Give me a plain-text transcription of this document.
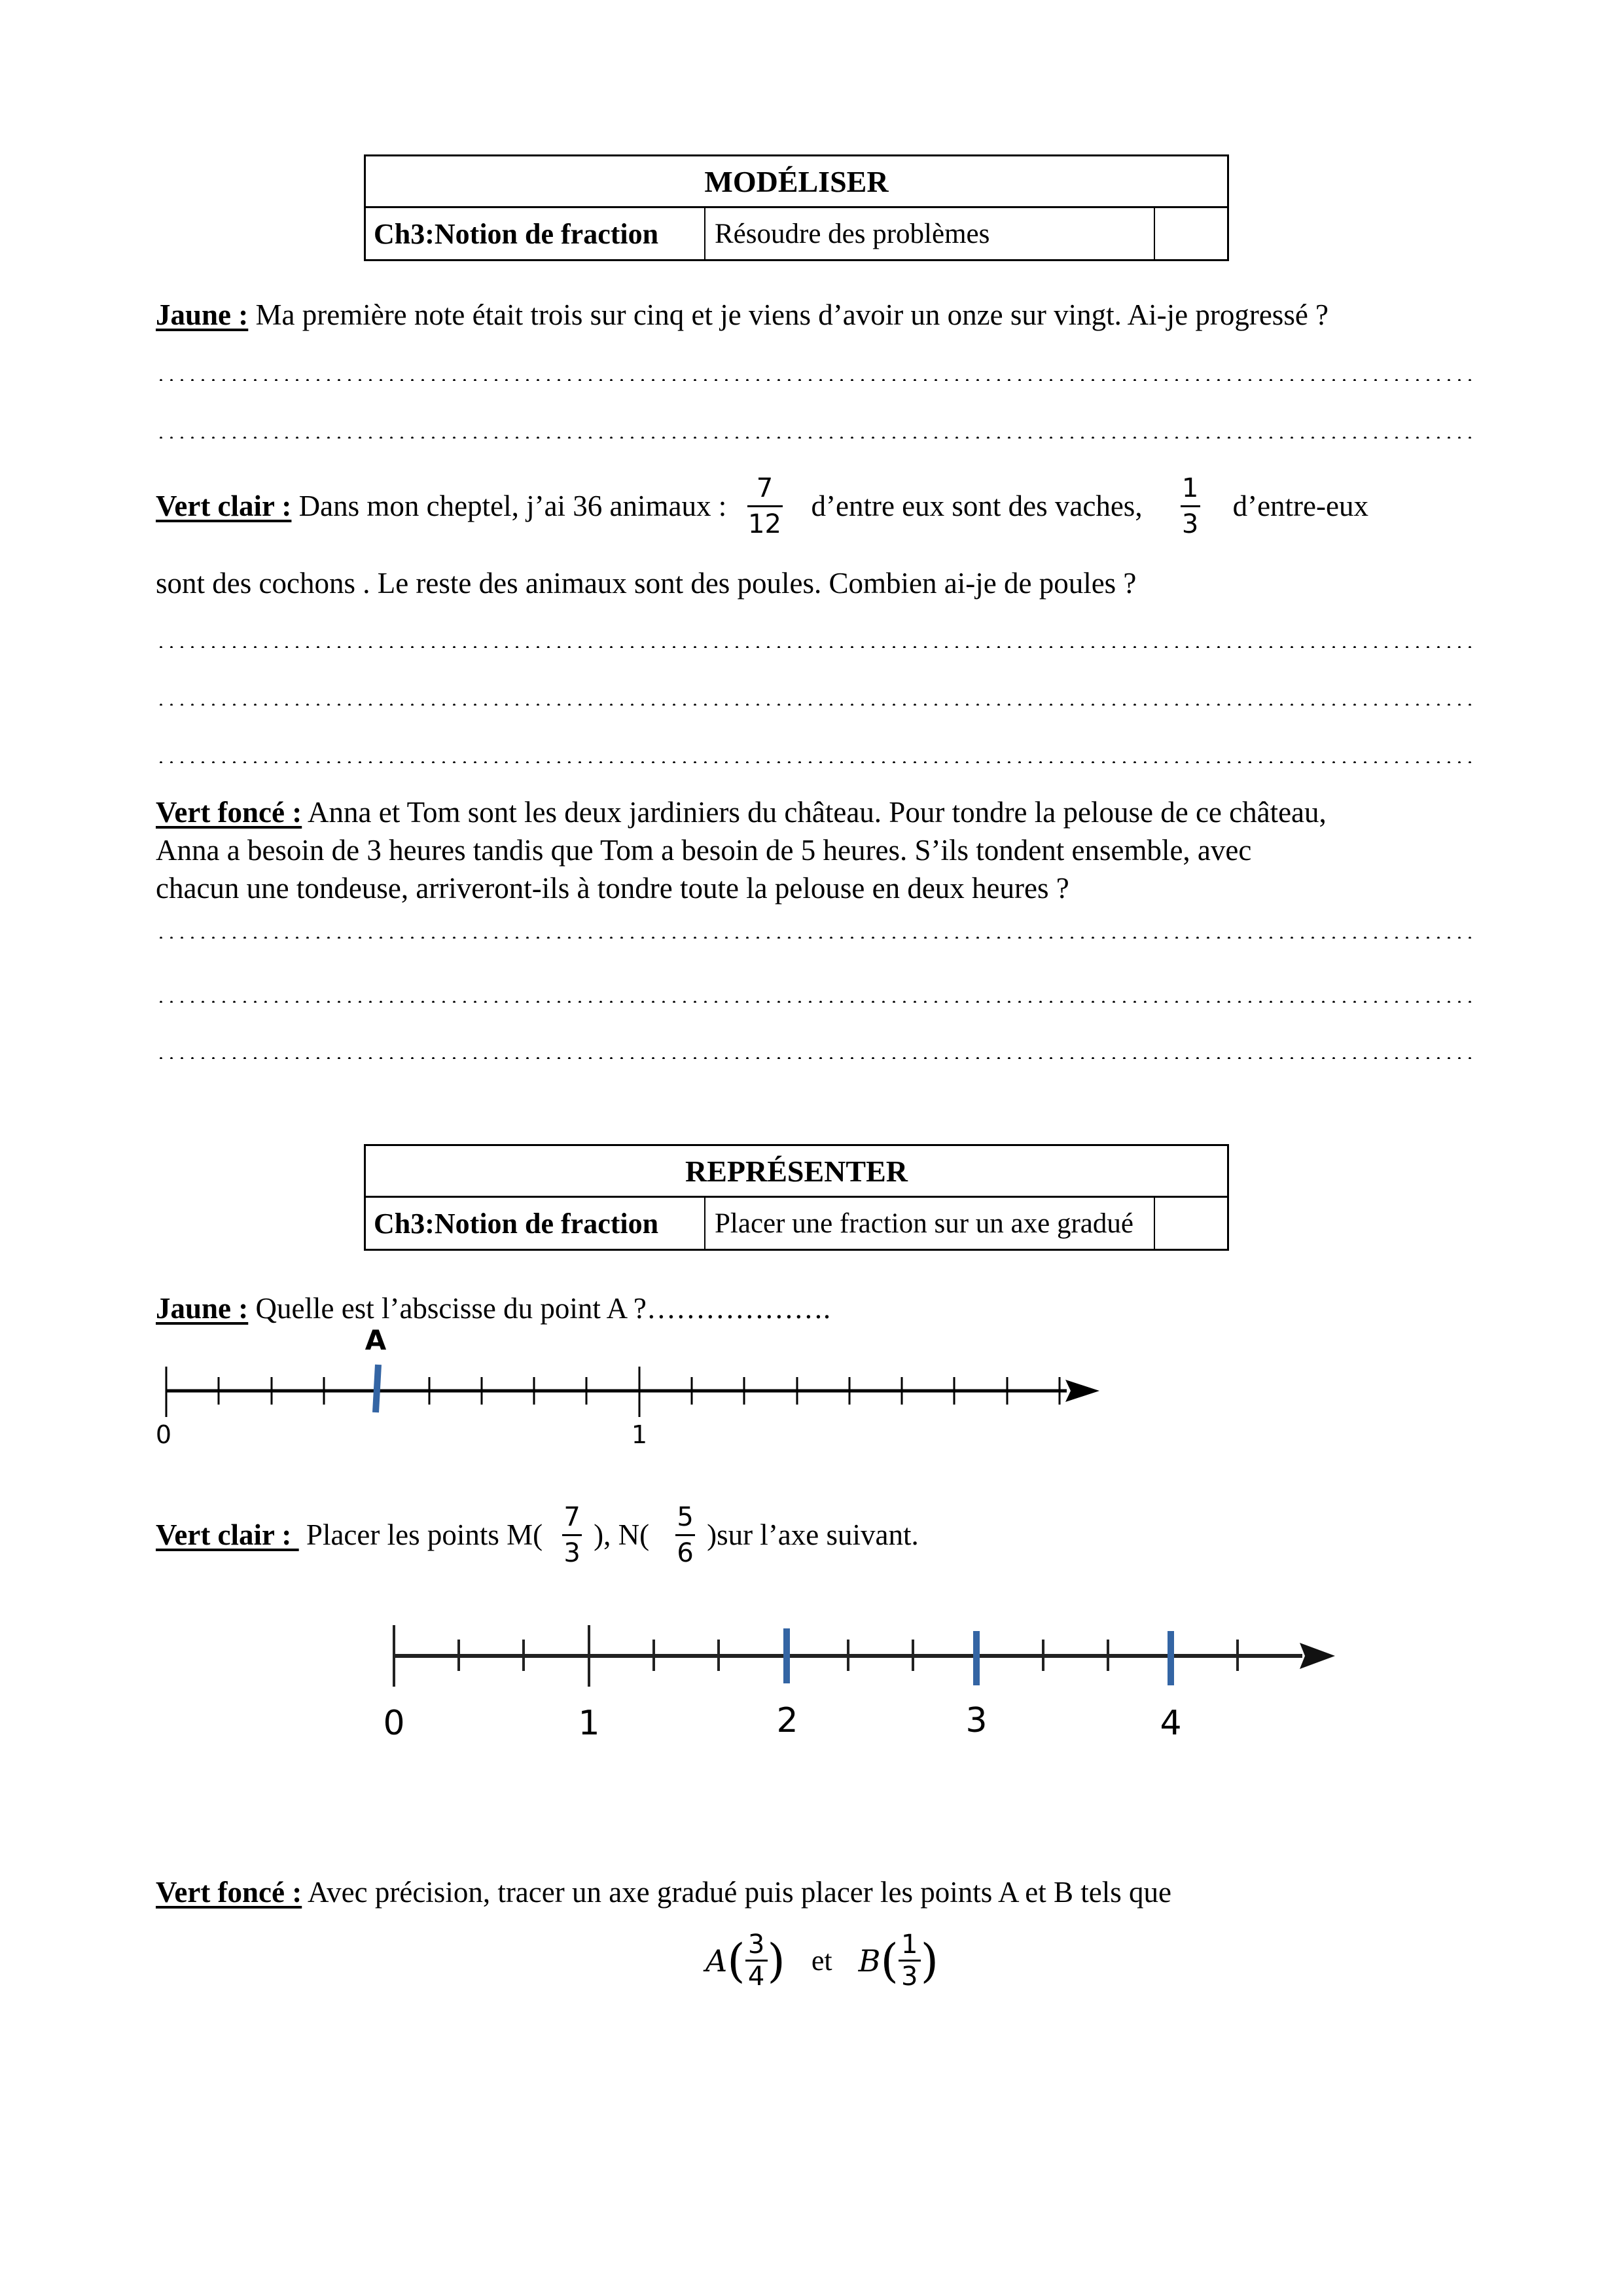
MODÉLISER
Ch3:Notion de fraction	Résoudre des problèmes
Jaune : Ma première note était trois sur cinq et je viens d’avoir un onze sur vingt. Ai-je progressé ?
Vert clair : Dans mon cheptel, j’ai 36 animaux : $\frac{7}{12}$ d’entre eux sont des vaches, $\frac{1}{3}$ d’entre-eux
sont des cochons . Le reste des animaux sont des poules. Combien ai-je de poules ?
Vert foncé : Anna et Tom sont les deux jardiniers du château. Pour tondre la pelouse de ce château,
Anna a besoin de 3 heures tandis que Tom a besoin de 5 heures. S’ils tondent ensemble, avec
chacun une tondeuse, arriveront-ils à tondre toute la pelouse en deux heures ?
REPRÉSENTER
Ch3:Notion de fraction	Placer une fraction sur un axe gradué
Jaune : Quelle est l’abscisse du point A ?……………….
A
0	1
Vert clair : Placer les points $M( \frac{7}{3}$ ), $N( \frac{5}{6} )sur$ l’axe suivant.
0	1	2	3	4
Vert foncé : Avec précision, tracer un axe gradué puis placer les points A et B tels que
A ( 3
4 ) et B ( 1
3 )
